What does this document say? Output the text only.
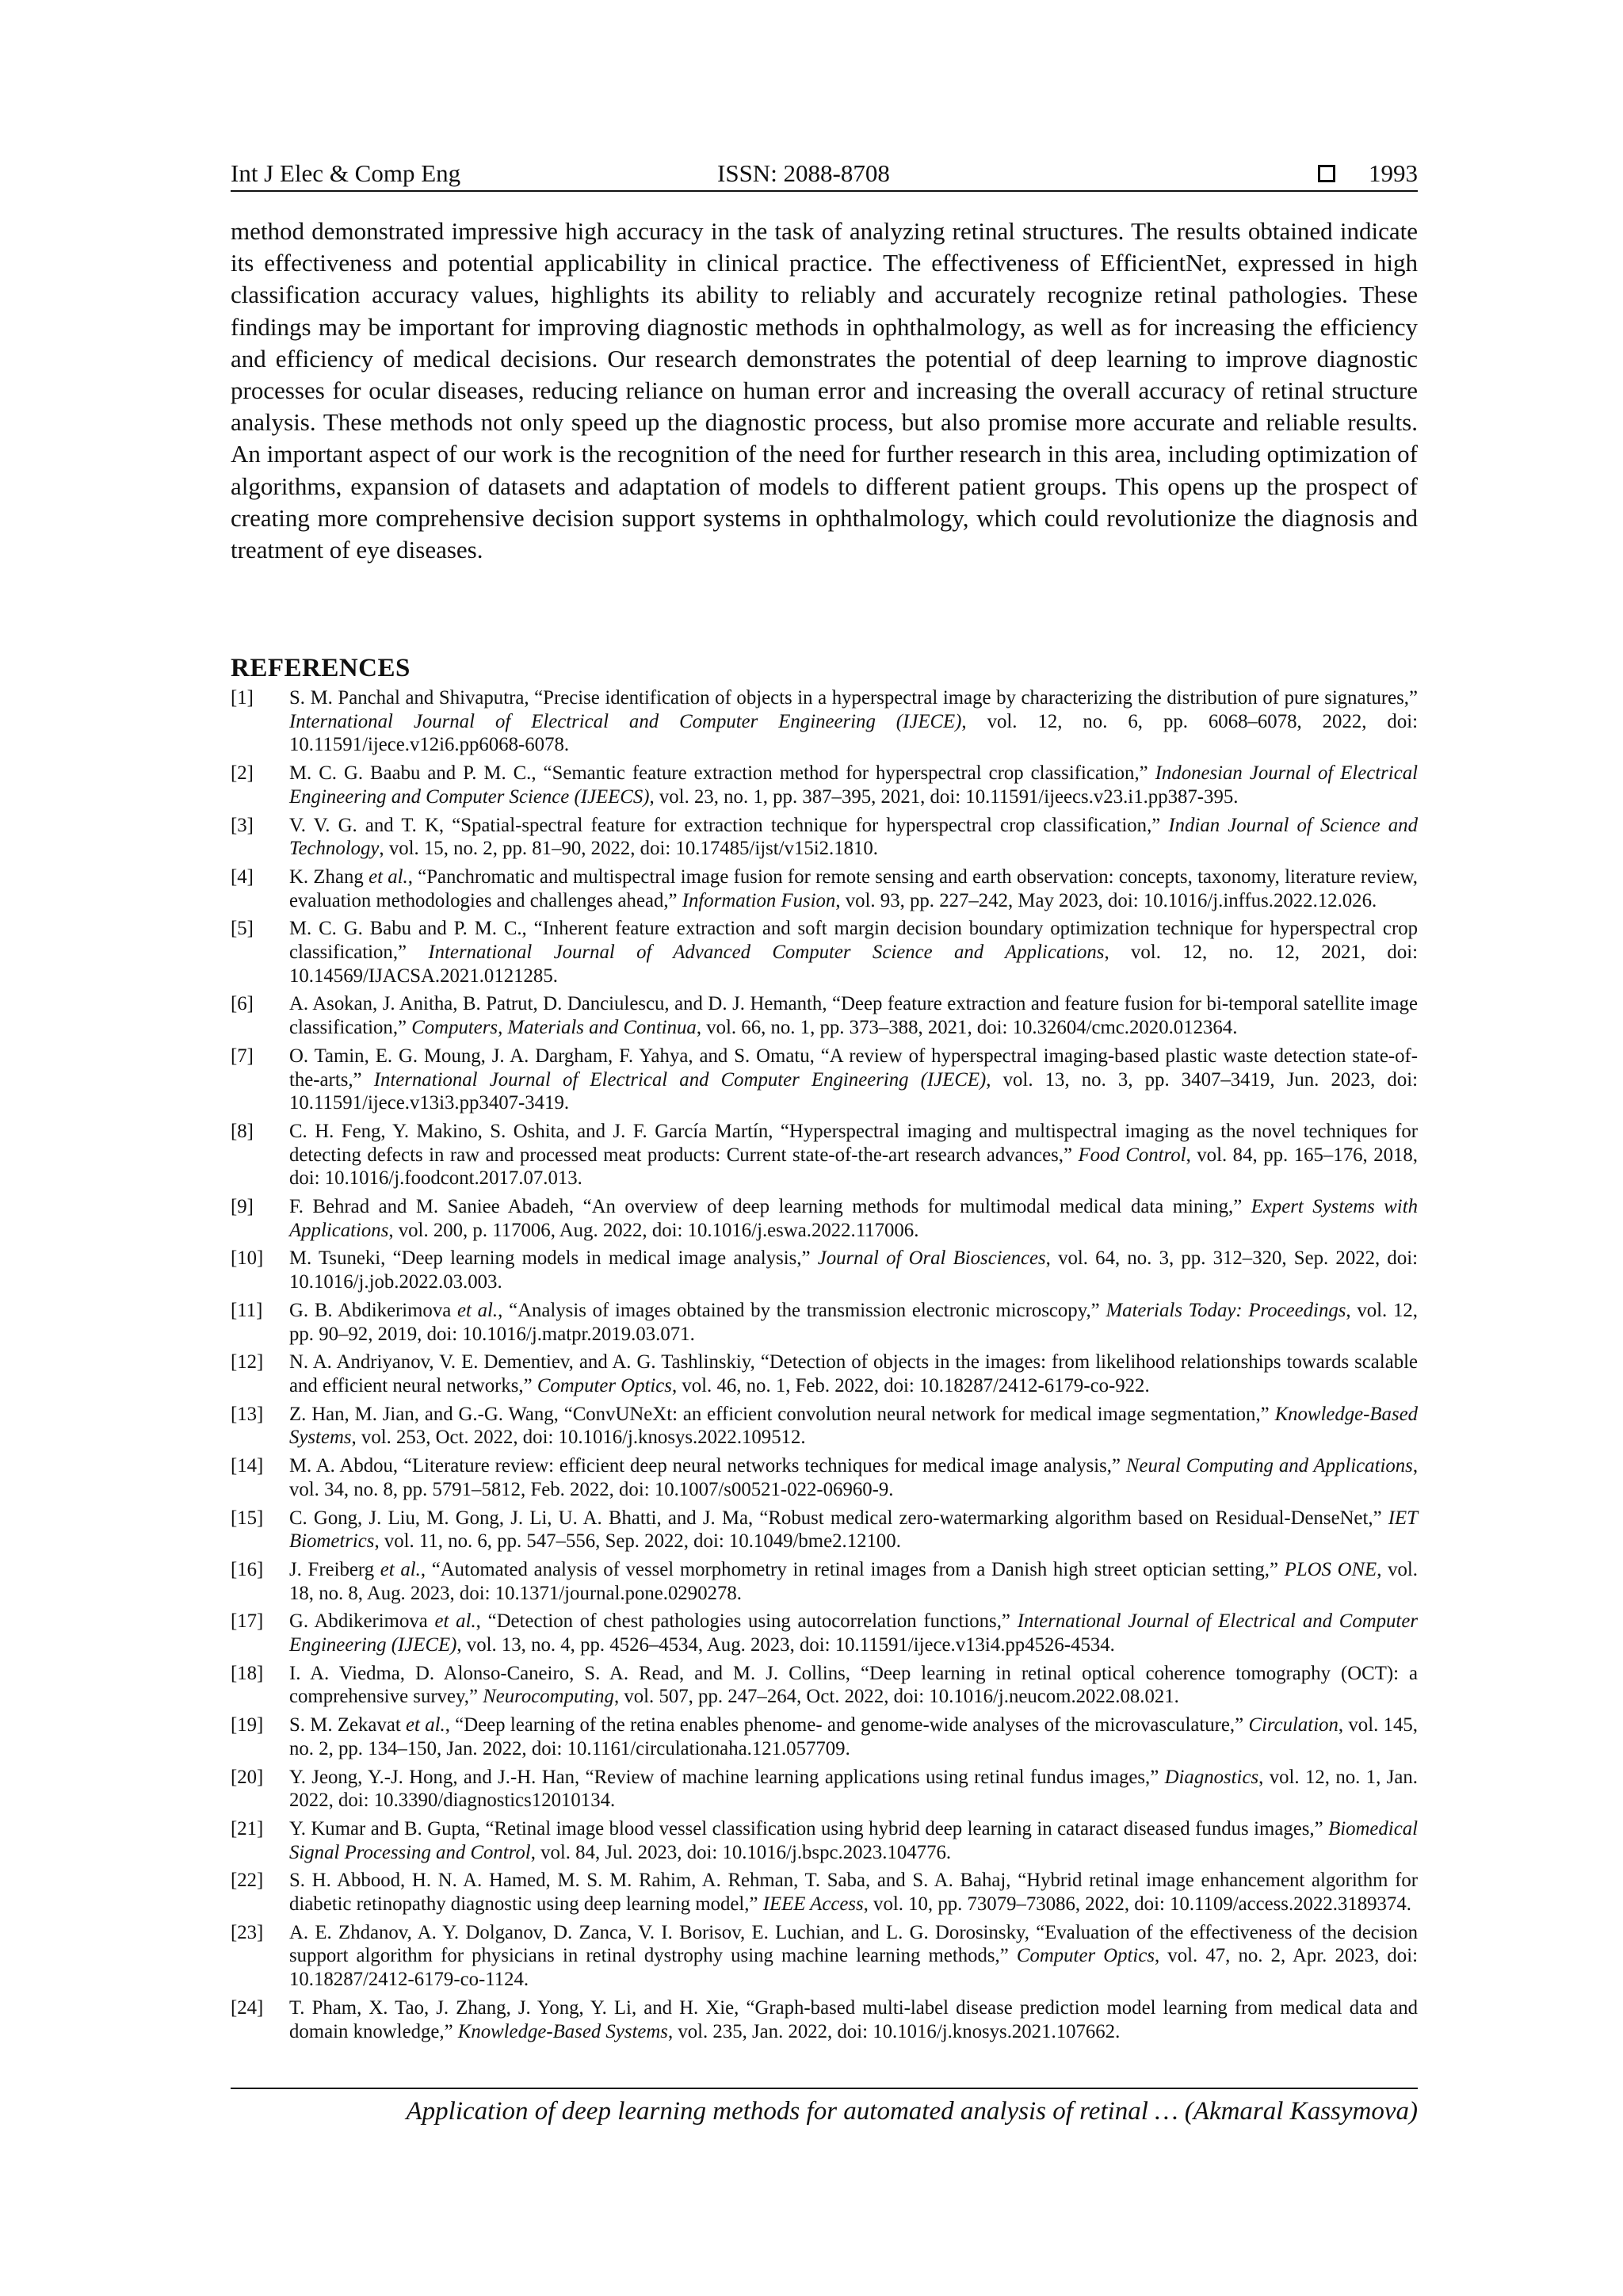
Int J Elec & Comp Eng	ISSN: 2088-8708	1993

method demonstrated impressive high accuracy in the task of analyzing retinal structures. The results obtained indicate its effectiveness and potential applicability in clinical practice. The effectiveness of EfficientNet, expressed in high classification accuracy values, highlights its ability to reliably and accurately recognize retinal pathologies. These findings may be important for improving diagnostic methods in ophthalmology, as well as for increasing the efficiency and efficiency of medical decisions. Our research demonstrates the potential of deep learning to improve diagnostic processes for ocular diseases, reducing reliance on human error and increasing the overall accuracy of retinal structure analysis. These methods not only speed up the diagnostic process, but also promise more accurate and reliable results. An important aspect of our work is the recognition of the need for further research in this area, including optimization of algorithms, expansion of datasets and adaptation of models to different patient groups. This opens up the prospect of creating more comprehensive decision support systems in ophthalmology, which could revolutionize the diagnosis and treatment of eye diseases.

REFERENCES
[1] S. M. Panchal and Shivaputra, “Precise identification of objects in a hyperspectral image by characterizing the distribution of pure signatures,” International Journal of Electrical and Computer Engineering (IJECE), vol. 12, no. 6, pp. 6068–6078, 2022, doi: 10.11591/ijece.v12i6.pp6068-6078.
[2] M. C. G. Baabu and P. M. C., “Semantic feature extraction method for hyperspectral crop classification,” Indonesian Journal of Electrical Engineering and Computer Science (IJEECS), vol. 23, no. 1, pp. 387–395, 2021, doi: 10.11591/ijeecs.v23.i1.pp387-395.
[3] V. V. G. and T. K, “Spatial-spectral feature for extraction technique for hyperspectral crop classification,” Indian Journal of Science and Technology, vol. 15, no. 2, pp. 81–90, 2022, doi: 10.17485/ijst/v15i2.1810.
[4] K. Zhang et al., “Panchromatic and multispectral image fusion for remote sensing and earth observation: concepts, taxonomy, literature review, evaluation methodologies and challenges ahead,” Information Fusion, vol. 93, pp. 227–242, May 2023, doi: 10.1016/j.inffus.2022.12.026.
[5] M. C. G. Babu and P. M. C., “Inherent feature extraction and soft margin decision boundary optimization technique for hyperspectral crop classification,” International Journal of Advanced Computer Science and Applications, vol. 12, no. 12, 2021, doi: 10.14569/IJACSA.2021.0121285.
[6] A. Asokan, J. Anitha, B. Patrut, D. Danciulescu, and D. J. Hemanth, “Deep feature extraction and feature fusion for bi-temporal satellite image classification,” Computers, Materials and Continua, vol. 66, no. 1, pp. 373–388, 2021, doi: 10.32604/cmc.2020.012364.
[7] O. Tamin, E. G. Moung, J. A. Dargham, F. Yahya, and S. Omatu, “A review of hyperspectral imaging-based plastic waste detection state-of-the-arts,” International Journal of Electrical and Computer Engineering (IJECE), vol. 13, no. 3, pp. 3407–3419, Jun. 2023, doi: 10.11591/ijece.v13i3.pp3407-3419.
[8] C. H. Feng, Y. Makino, S. Oshita, and J. F. García Martín, “Hyperspectral imaging and multispectral imaging as the novel techniques for detecting defects in raw and processed meat products: Current state-of-the-art research advances,” Food Control, vol. 84, pp. 165–176, 2018, doi: 10.1016/j.foodcont.2017.07.013.
[9] F. Behrad and M. Saniee Abadeh, “An overview of deep learning methods for multimodal medical data mining,” Expert Systems with Applications, vol. 200, p. 117006, Aug. 2022, doi: 10.1016/j.eswa.2022.117006.
[10] M. Tsuneki, “Deep learning models in medical image analysis,” Journal of Oral Biosciences, vol. 64, no. 3, pp. 312–320, Sep. 2022, doi: 10.1016/j.job.2022.03.003.
[11] G. B. Abdikerimova et al., “Analysis of images obtained by the transmission electronic microscopy,” Materials Today: Proceedings, vol. 12, pp. 90–92, 2019, doi: 10.1016/j.matpr.2019.03.071.
[12] N. A. Andriyanov, V. E. Dementiev, and A. G. Tashlinskiy, “Detection of objects in the images: from likelihood relationships towards scalable and efficient neural networks,” Computer Optics, vol. 46, no. 1, Feb. 2022, doi: 10.18287/2412-6179-co-922.
[13] Z. Han, M. Jian, and G.-G. Wang, “ConvUNeXt: an efficient convolution neural network for medical image segmentation,” Knowledge-Based Systems, vol. 253, Oct. 2022, doi: 10.1016/j.knosys.2022.109512.
[14] M. A. Abdou, “Literature review: efficient deep neural networks techniques for medical image analysis,” Neural Computing and Applications, vol. 34, no. 8, pp. 5791–5812, Feb. 2022, doi: 10.1007/s00521-022-06960-9.
[15] C. Gong, J. Liu, M. Gong, J. Li, U. A. Bhatti, and J. Ma, “Robust medical zero-watermarking algorithm based on Residual-DenseNet,” IET Biometrics, vol. 11, no. 6, pp. 547–556, Sep. 2022, doi: 10.1049/bme2.12100.
[16] J. Freiberg et al., “Automated analysis of vessel morphometry in retinal images from a Danish high street optician setting,” PLOS ONE, vol. 18, no. 8, Aug. 2023, doi: 10.1371/journal.pone.0290278.
[17] G. Abdikerimova et al., “Detection of chest pathologies using autocorrelation functions,” International Journal of Electrical and Computer Engineering (IJECE), vol. 13, no. 4, pp. 4526–4534, Aug. 2023, doi: 10.11591/ijece.v13i4.pp4526-4534.
[18] I. A. Viedma, D. Alonso-Caneiro, S. A. Read, and M. J. Collins, “Deep learning in retinal optical coherence tomography (OCT): a comprehensive survey,” Neurocomputing, vol. 507, pp. 247–264, Oct. 2022, doi: 10.1016/j.neucom.2022.08.021.
[19] S. M. Zekavat et al., “Deep learning of the retina enables phenome- and genome-wide analyses of the microvasculature,” Circulation, vol. 145, no. 2, pp. 134–150, Jan. 2022, doi: 10.1161/circulationaha.121.057709.
[20] Y. Jeong, Y.-J. Hong, and J.-H. Han, “Review of machine learning applications using retinal fundus images,” Diagnostics, vol. 12, no. 1, Jan. 2022, doi: 10.3390/diagnostics12010134.
[21] Y. Kumar and B. Gupta, “Retinal image blood vessel classification using hybrid deep learning in cataract diseased fundus images,” Biomedical Signal Processing and Control, vol. 84, Jul. 2023, doi: 10.1016/j.bspc.2023.104776.
[22] S. H. Abbood, H. N. A. Hamed, M. S. M. Rahim, A. Rehman, T. Saba, and S. A. Bahaj, “Hybrid retinal image enhancement algorithm for diabetic retinopathy diagnostic using deep learning model,” IEEE Access, vol. 10, pp. 73079–73086, 2022, doi: 10.1109/access.2022.3189374.
[23] A. E. Zhdanov, A. Y. Dolganov, D. Zanca, V. I. Borisov, E. Luchian, and L. G. Dorosinsky, “Evaluation of the effectiveness of the decision support algorithm for physicians in retinal dystrophy using machine learning methods,” Computer Optics, vol. 47, no. 2, Apr. 2023, doi: 10.18287/2412-6179-co-1124.
[24] T. Pham, X. Tao, J. Zhang, J. Yong, Y. Li, and H. Xie, “Graph-based multi-label disease prediction model learning from medical data and domain knowledge,” Knowledge-Based Systems, vol. 235, Jan. 2022, doi: 10.1016/j.knosys.2021.107662.
Application of deep learning methods for automated analysis of retinal … (Akmaral Kassymova)
